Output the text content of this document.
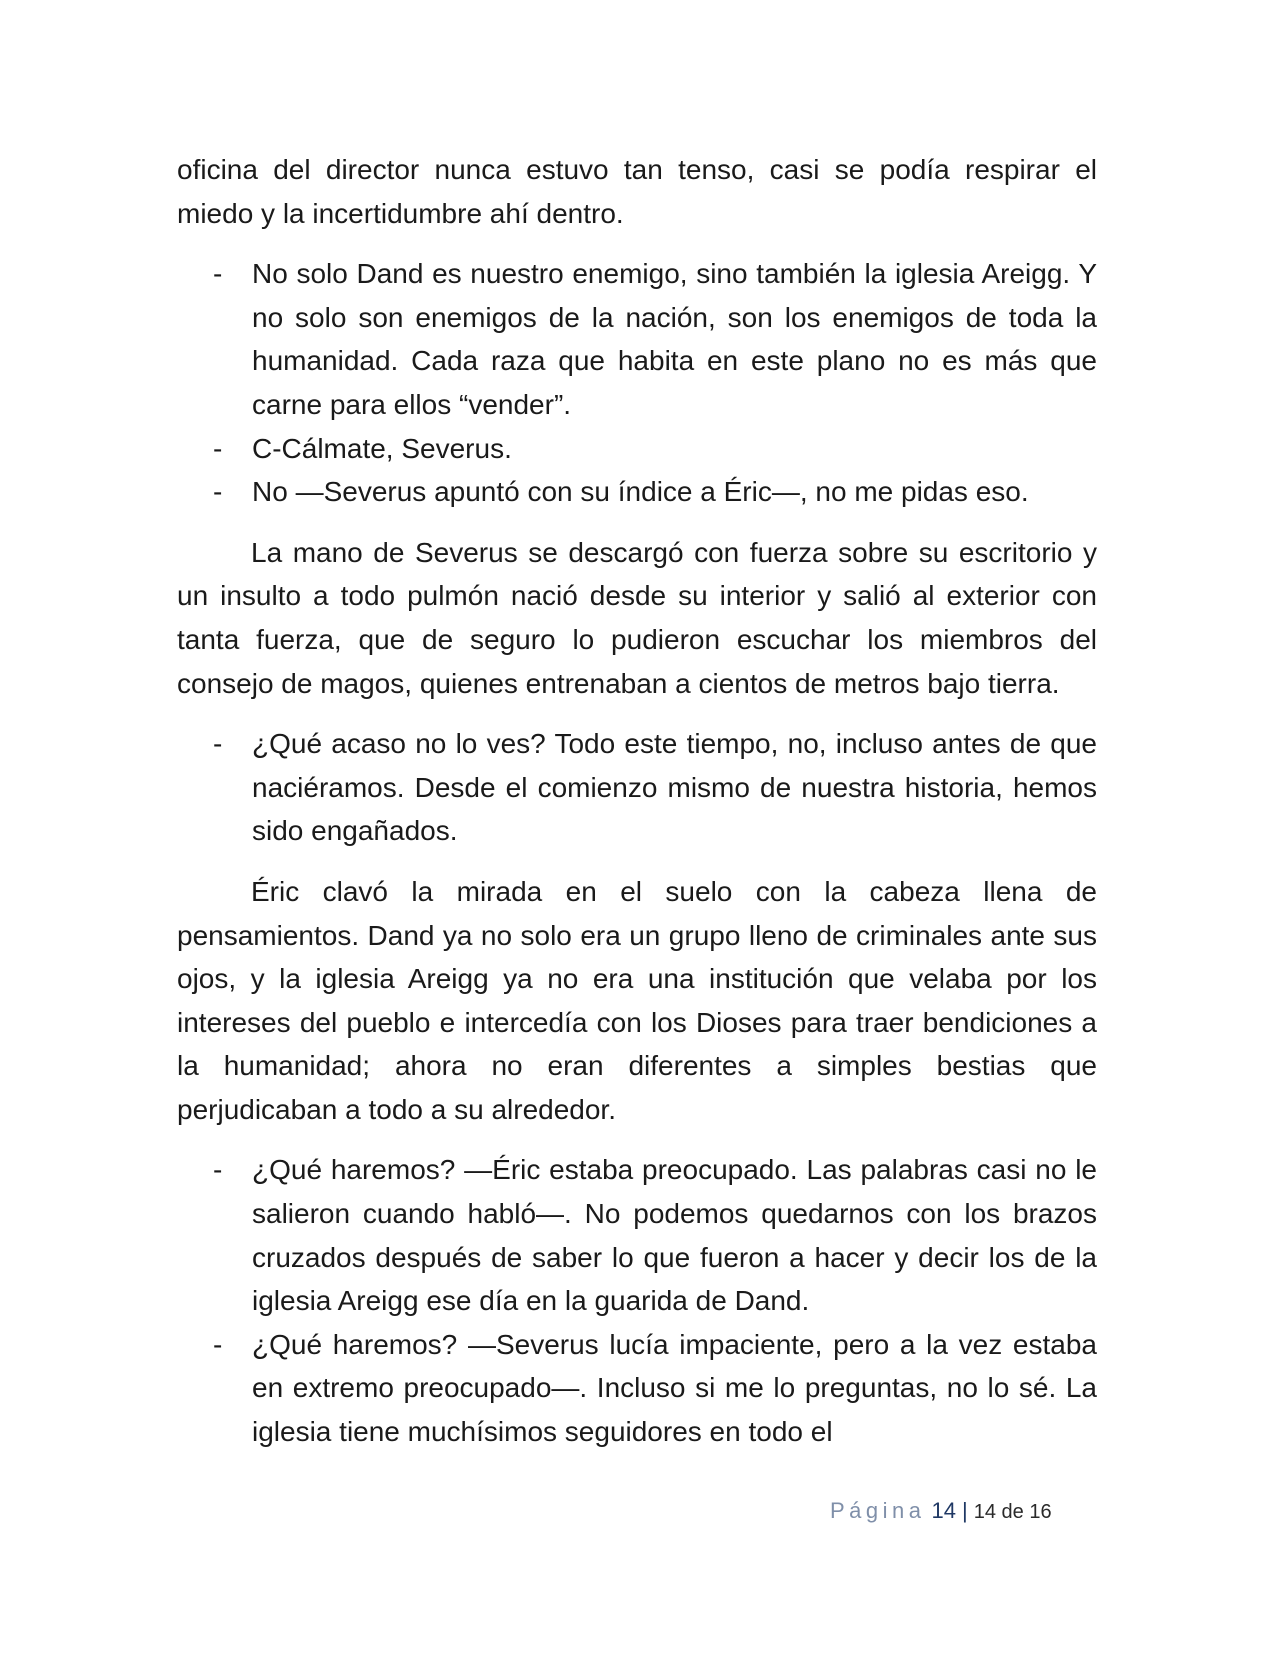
oficina del director nunca estuvo tan tenso, casi se podía respirar el miedo y la incertidumbre ahí dentro.

- No solo Dand es nuestro enemigo, sino también la iglesia Areigg. Y no solo son enemigos de la nación, son los enemigos de toda la humanidad. Cada raza que habita en este plano no es más que carne para ellos “vender”.

- C-Cálmate, Severus.

- No —Severus apuntó con su índice a Éric—, no me pidas eso.

La mano de Severus se descargó con fuerza sobre su escritorio y un insulto a todo pulmón nació desde su interior y salió al exterior con tanta fuerza, que de seguro lo pudieron escuchar los miembros del consejo de magos, quienes entrenaban a cientos de metros bajo tierra.

- ¿Qué acaso no lo ves? Todo este tiempo, no, incluso antes de que naciéramos. Desde el comienzo mismo de nuestra historia, hemos sido engañados.

Éric clavó la mirada en el suelo con la cabeza llena de pensamientos. Dand ya no solo era un grupo lleno de criminales ante sus ojos, y la iglesia Areigg ya no era una institución que velaba por los intereses del pueblo e intercedía con los Dioses para traer bendiciones a la humanidad; ahora no eran diferentes a simples bestias que perjudicaban a todo a su alrededor.

- ¿Qué haremos? —Éric estaba preocupado. Las palabras casi no le salieron cuando habló—. No podemos quedarnos con los brazos cruzados después de saber lo que fueron a hacer y decir los de la iglesia Areigg ese día en la guarida de Dand.

- ¿Qué haremos? —Severus lucía impaciente, pero a la vez estaba en extremo preocupado—. Incluso si me lo preguntas, no lo sé. La iglesia tiene muchísimos seguidores en todo el

Página 14 | 14 de 16
